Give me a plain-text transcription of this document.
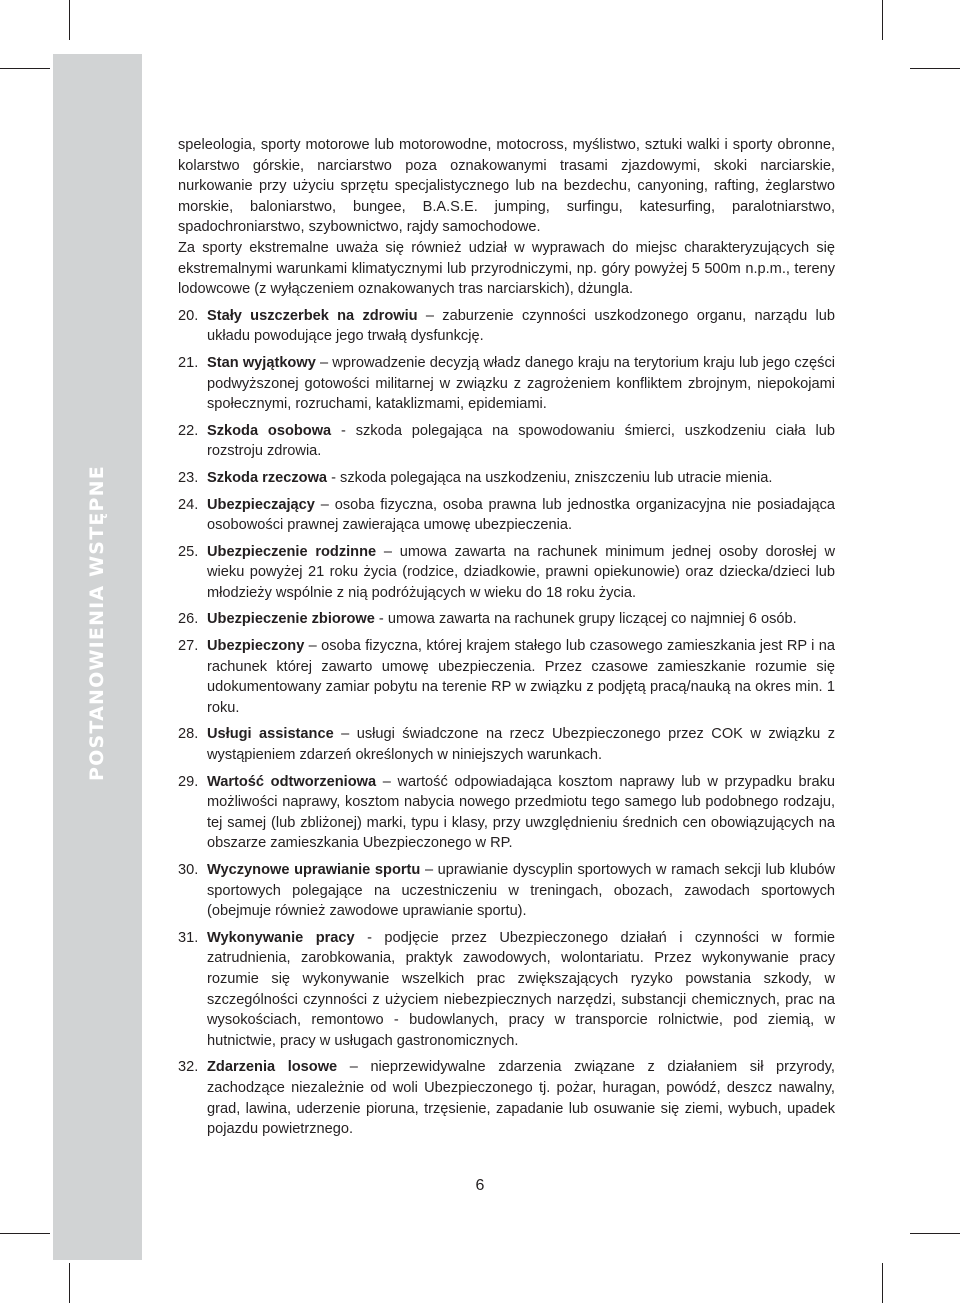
POSTANOWIENIA WSTĘPNE
speleologia, sporty motorowe lub motorowodne, motocross, myślistwo, sztuki walki i sporty obronne, kolarstwo górskie, narciarstwo poza oznakowanymi trasami zjazdowymi, skoki narciarskie, nurkowanie przy użyciu sprzętu specjalistycznego lub na bezdechu, canyoning, rafting, żeglarstwo morskie, baloniarstwo, bungee, B.A.S.E. jumping, surfingu, katesurfing, paralotniarstwo, spadochroniarstwo, szybownictwo, rajdy samochodowe.
Za sporty ekstremalne uważa się również udział w wyprawach do miejsc charakteryzujących się ekstremalnymi warunkami klimatycznymi lub przyrodniczymi, np. góry powyżej 5 500m n.p.m., tereny lodowcowe (z wyłączeniem oznakowanych tras narciarskich), dżungla.
20. Stały uszczerbek na zdrowiu – zaburzenie czynności uszkodzonego organu, narządu lub układu powodujące jego trwałą dysfunkcję.
21. Stan wyjątkowy – wprowadzenie decyzją władz danego kraju na terytorium kraju lub jego części podwyższonej gotowości militarnej w związku z zagrożeniem konfliktem zbrojnym, niepokojami społecznymi, rozruchami, kataklizmami, epidemiami.
22. Szkoda osobowa - szkoda polegająca na spowodowaniu śmierci, uszkodzeniu ciała lub rozstroju zdrowia.
23. Szkoda rzeczowa - szkoda polegająca na uszkodzeniu, zniszczeniu lub utracie mienia.
24. Ubezpieczający – osoba fizyczna, osoba prawna lub jednostka organizacyjna nie posiadająca osobowości prawnej zawierająca umowę ubezpieczenia.
25. Ubezpieczenie rodzinne – umowa zawarta na rachunek minimum jednej osoby dorosłej w wieku powyżej 21 roku życia (rodzice, dziadkowie, prawni opiekunowie) oraz dziecka/dzieci lub młodzieży wspólnie z nią podróżujących w wieku do 18 roku życia.
26. Ubezpieczenie zbiorowe - umowa zawarta na rachunek grupy liczącej co najmniej 6 osób.
27. Ubezpieczony – osoba fizyczna, której krajem stałego lub czasowego zamieszkania jest RP i na rachunek której zawarto umowę ubezpieczenia. Przez czasowe zamieszkanie rozumie się udokumentowany zamiar pobytu na terenie RP w związku z podjętą pracą/nauką na okres min. 1 roku.
28. Usługi assistance – usługi świadczone na rzecz Ubezpieczonego przez COK w związku z wystąpieniem zdarzeń określonych w niniejszych warunkach.
29. Wartość odtworzeniowa – wartość odpowiadająca kosztom naprawy lub w przypadku braku możliwości naprawy, kosztom nabycia nowego przedmiotu tego samego lub podobnego rodzaju, tej samej (lub zbliżonej) marki, typu i klasy, przy uwzględnieniu średnich cen obowiązujących na obszarze zamieszkania Ubezpieczonego w RP.
30. Wyczynowe uprawianie sportu – uprawianie dyscyplin sportowych w ramach sekcji lub klubów sportowych polegające na uczestniczeniu w treningach, obozach, zawodach sportowych (obejmuje również zawodowe uprawianie sportu).
31. Wykonywanie pracy - podjęcie przez Ubezpieczonego działań i czynności w formie zatrudnienia, zarobkowania, praktyk zawodowych, wolontariatu. Przez wykonywanie pracy rozumie się wykonywanie wszelkich prac zwiększających ryzyko powstania szkody, w szczególności czynności z użyciem niebezpiecznych narzędzi, substancji chemicznych, prac na wysokościach, remontowo - budowlanych, pracy w transporcie rolnictwie, pod ziemią, w hutnictwie, pracy w usługach gastronomicznych.
32. Zdarzenia losowe – nieprzewidywalne zdarzenia związane z działaniem sił przyrody, zachodzące niezależnie od woli Ubezpieczonego tj. pożar, huragan, powódź, deszcz nawalny, grad, lawina, uderzenie pioruna, trzęsienie, zapadanie lub osuwanie się ziemi, wybuch, upadek pojazdu powietrznego.
6
